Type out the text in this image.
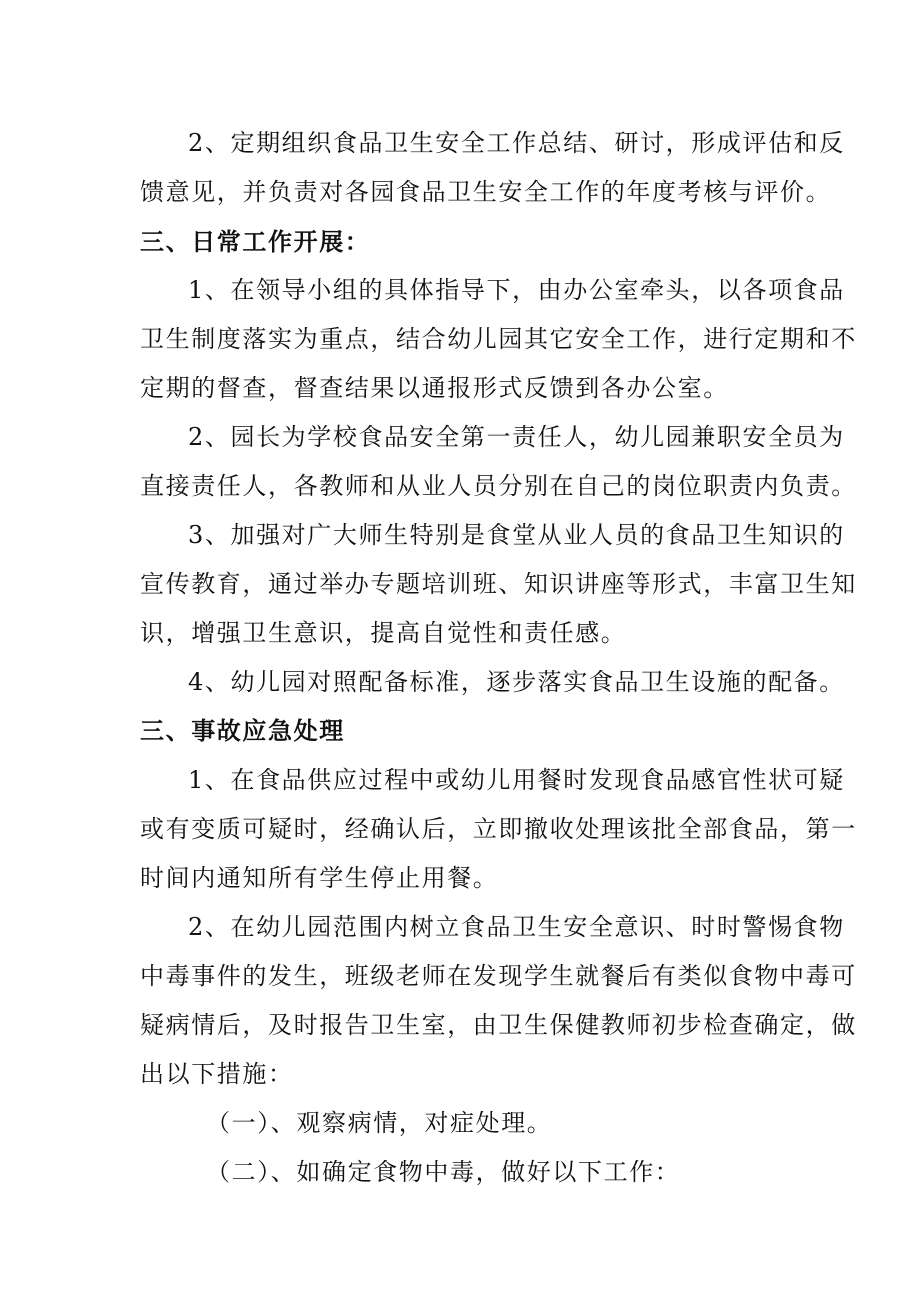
2、定期组织食品卫生安全工作总结、研讨，形成评估和反
馈意见，并负责对各园食品卫生安全工作的年度考核与评价。
三、日常工作开展：
1、在领导小组的具体指导下，由办公室牵头，以各项食品
卫生制度落实为重点，结合幼儿园其它安全工作，进行定期和不
定期的督查，督查结果以通报形式反馈到各办公室。
2、园长为学校食品安全第一责任人，幼儿园兼职安全员为
直接责任人，各教师和从业人员分别在自己的岗位职责内负责。
3、加强对广大师生特别是食堂从业人员的食品卫生知识的
宣传教育，通过举办专题培训班、知识讲座等形式，丰富卫生知
识，增强卫生意识，提高自觉性和责任感。
4、幼儿园对照配备标准，逐步落实食品卫生设施的配备。
三、事故应急处理
1、在食品供应过程中或幼儿用餐时发现食品感官性状可疑
或有变质可疑时，经确认后，立即撤收处理该批全部食品，第一
时间内通知所有学生停止用餐。
2、在幼儿园范围内树立食品卫生安全意识、时时警惕食物
中毒事件的发生，班级老师在发现学生就餐后有类似食物中毒可
疑病情后，及时报告卫生室，由卫生保健教师初步检查确定，做
出以下措施：
（一）、观察病情，对症处理。
（二）、如确定食物中毒，做好以下工作：
